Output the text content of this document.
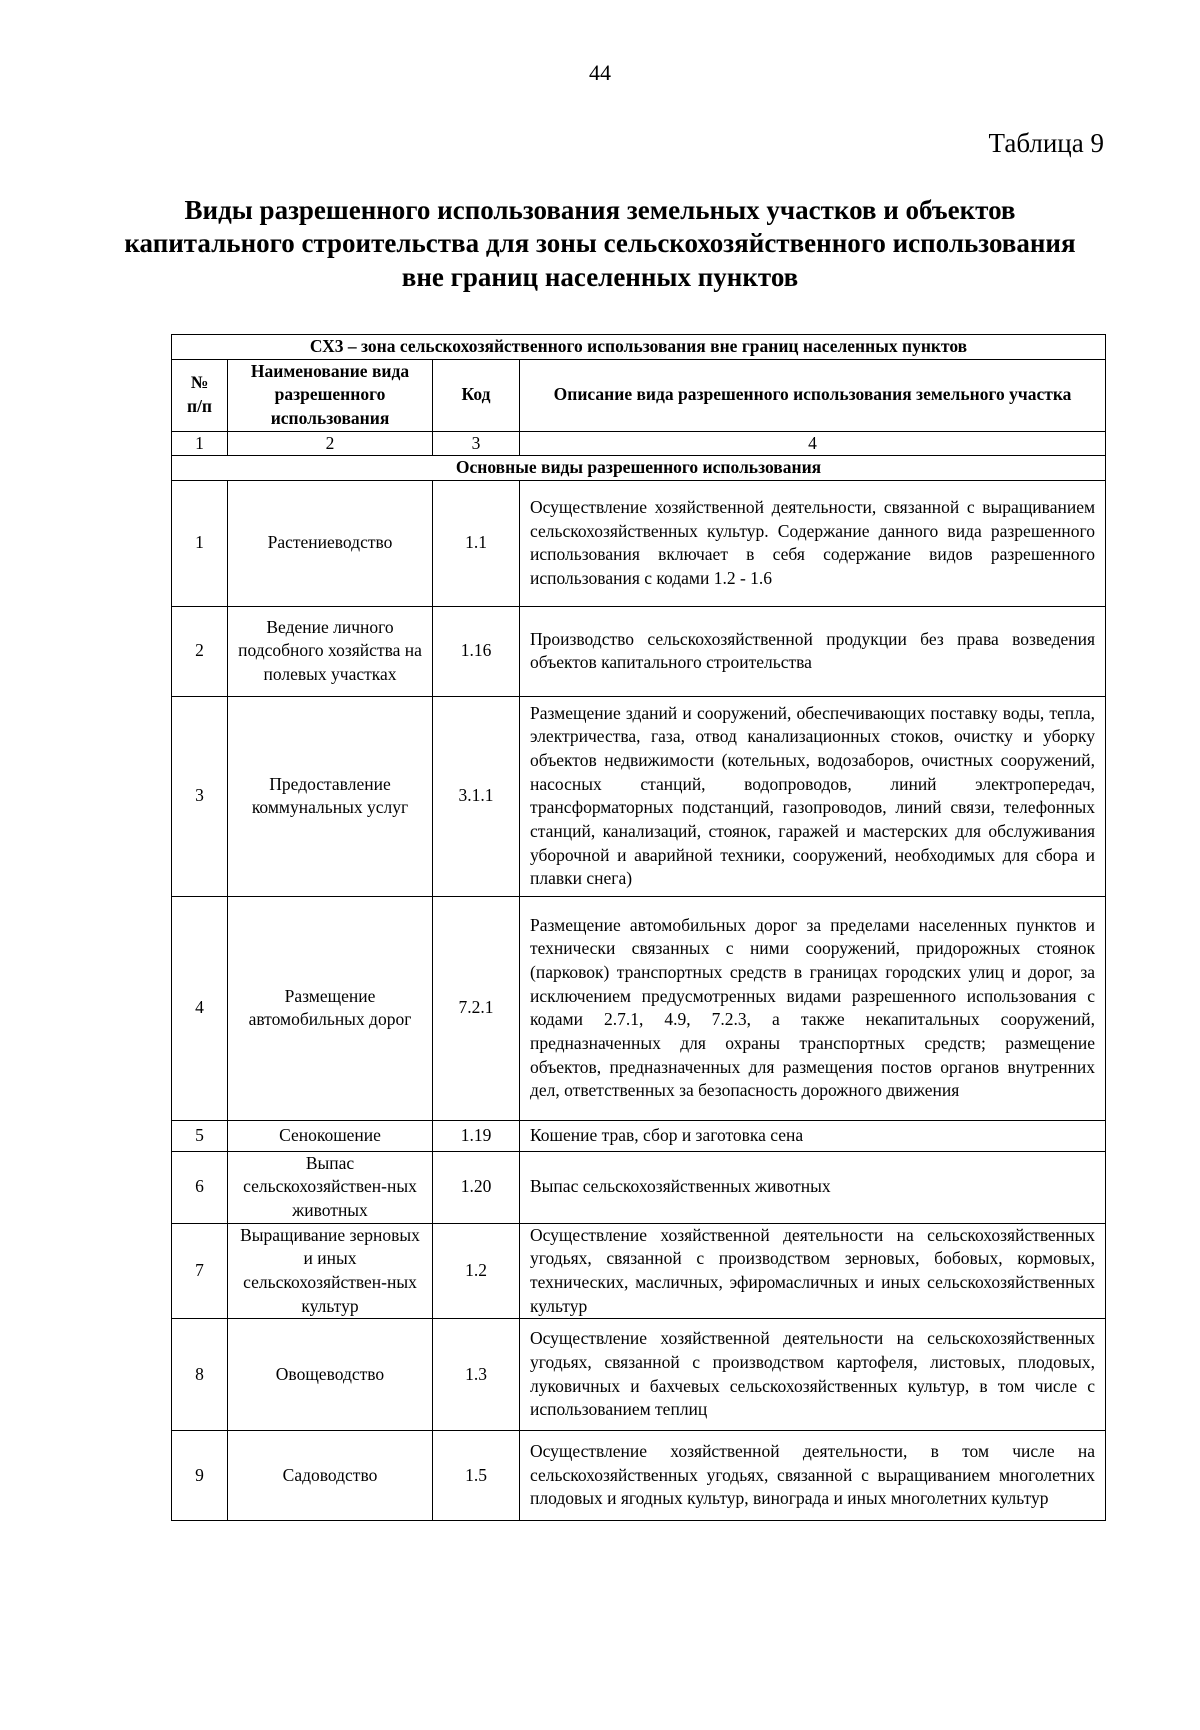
44
Таблица 9
Виды разрешенного использования земельных участков и объектов капитального строительства для зоны сельскохозяйственного использования вне границ населенных пунктов
СХ3 – зона сельскохозяйственного использования вне границ населенных пунктов			
№ п/п	Наименование вида разрешенного использования	Код	Описание вида разрешенного использования земельного участка
1	2	3	4
Основные виды разрешенного использования			
1	Растениеводство	1.1	Осуществление хозяйственной деятельности, связанной с выращиванием сельскохозяйственных культур. Содержание данного вида разрешенного использования включает в себя содержание видов разрешенного использования с кодами 1.2 - 1.6
2	Ведение личного подсобного хозяйства на полевых участках	1.16	Производство сельскохозяйственной продукции без права возведения объектов капитального строительства
3	Предоставление коммунальных услуг	3.1.1	Размещение зданий и сооружений, обеспечивающих поставку воды, тепла, электричества, газа, отвод канализационных стоков, очистку и уборку объектов недвижимости (котельных, водозаборов, очистных сооружений, насосных станций, водопроводов, линий электропередач, трансформаторных подстанций, газопроводов, линий связи, телефонных станций, канализаций, стоянок, гаражей и мастерских для обслуживания уборочной и аварийной техники, сооружений, необходимых для сбора и плавки снега)
4	Размещение автомобильных дорог	7.2.1	Размещение автомобильных дорог за пределами населенных пунктов и технически связанных с ними сооружений, придорожных стоянок (парковок) транспортных средств в границах городских улиц и дорог, за исключением предусмотренных видами разрешенного использования с кодами 2.7.1, 4.9, 7.2.3, а также некапитальных сооружений, предназначенных для охраны транспортных средств; размещение объектов, предназначенных для размещения постов органов внутренних дел, ответственных за безопасность дорожного движения
5	Сенокошение	1.19	Кошение трав, сбор и заготовка сена
6	Выпас сельскохозяйствен-ных животных	1.20	Выпас сельскохозяйственных животных
7	Выращивание зерновых и иных сельскохозяйствен-ных культур	1.2	Осуществление хозяйственной деятельности на сельскохозяйственных угодьях, связанной с производством зерновых, бобовых, кормовых, технических, масличных, эфиромасличных и иных сельскохозяйственных культур
8	Овощеводство	1.3	Осуществление хозяйственной деятельности на сельскохозяйственных угодьях, связанной с производством картофеля, листовых, плодовых, луковичных и бахчевых сельскохозяйственных культур, в том числе с использованием теплиц
9	Садоводство	1.5	Осуществление хозяйственной деятельности, в том числе на сельскохозяйственных угодьях, связанной с выращиванием многолетних плодовых и ягодных культур, винограда и иных многолетних культур
